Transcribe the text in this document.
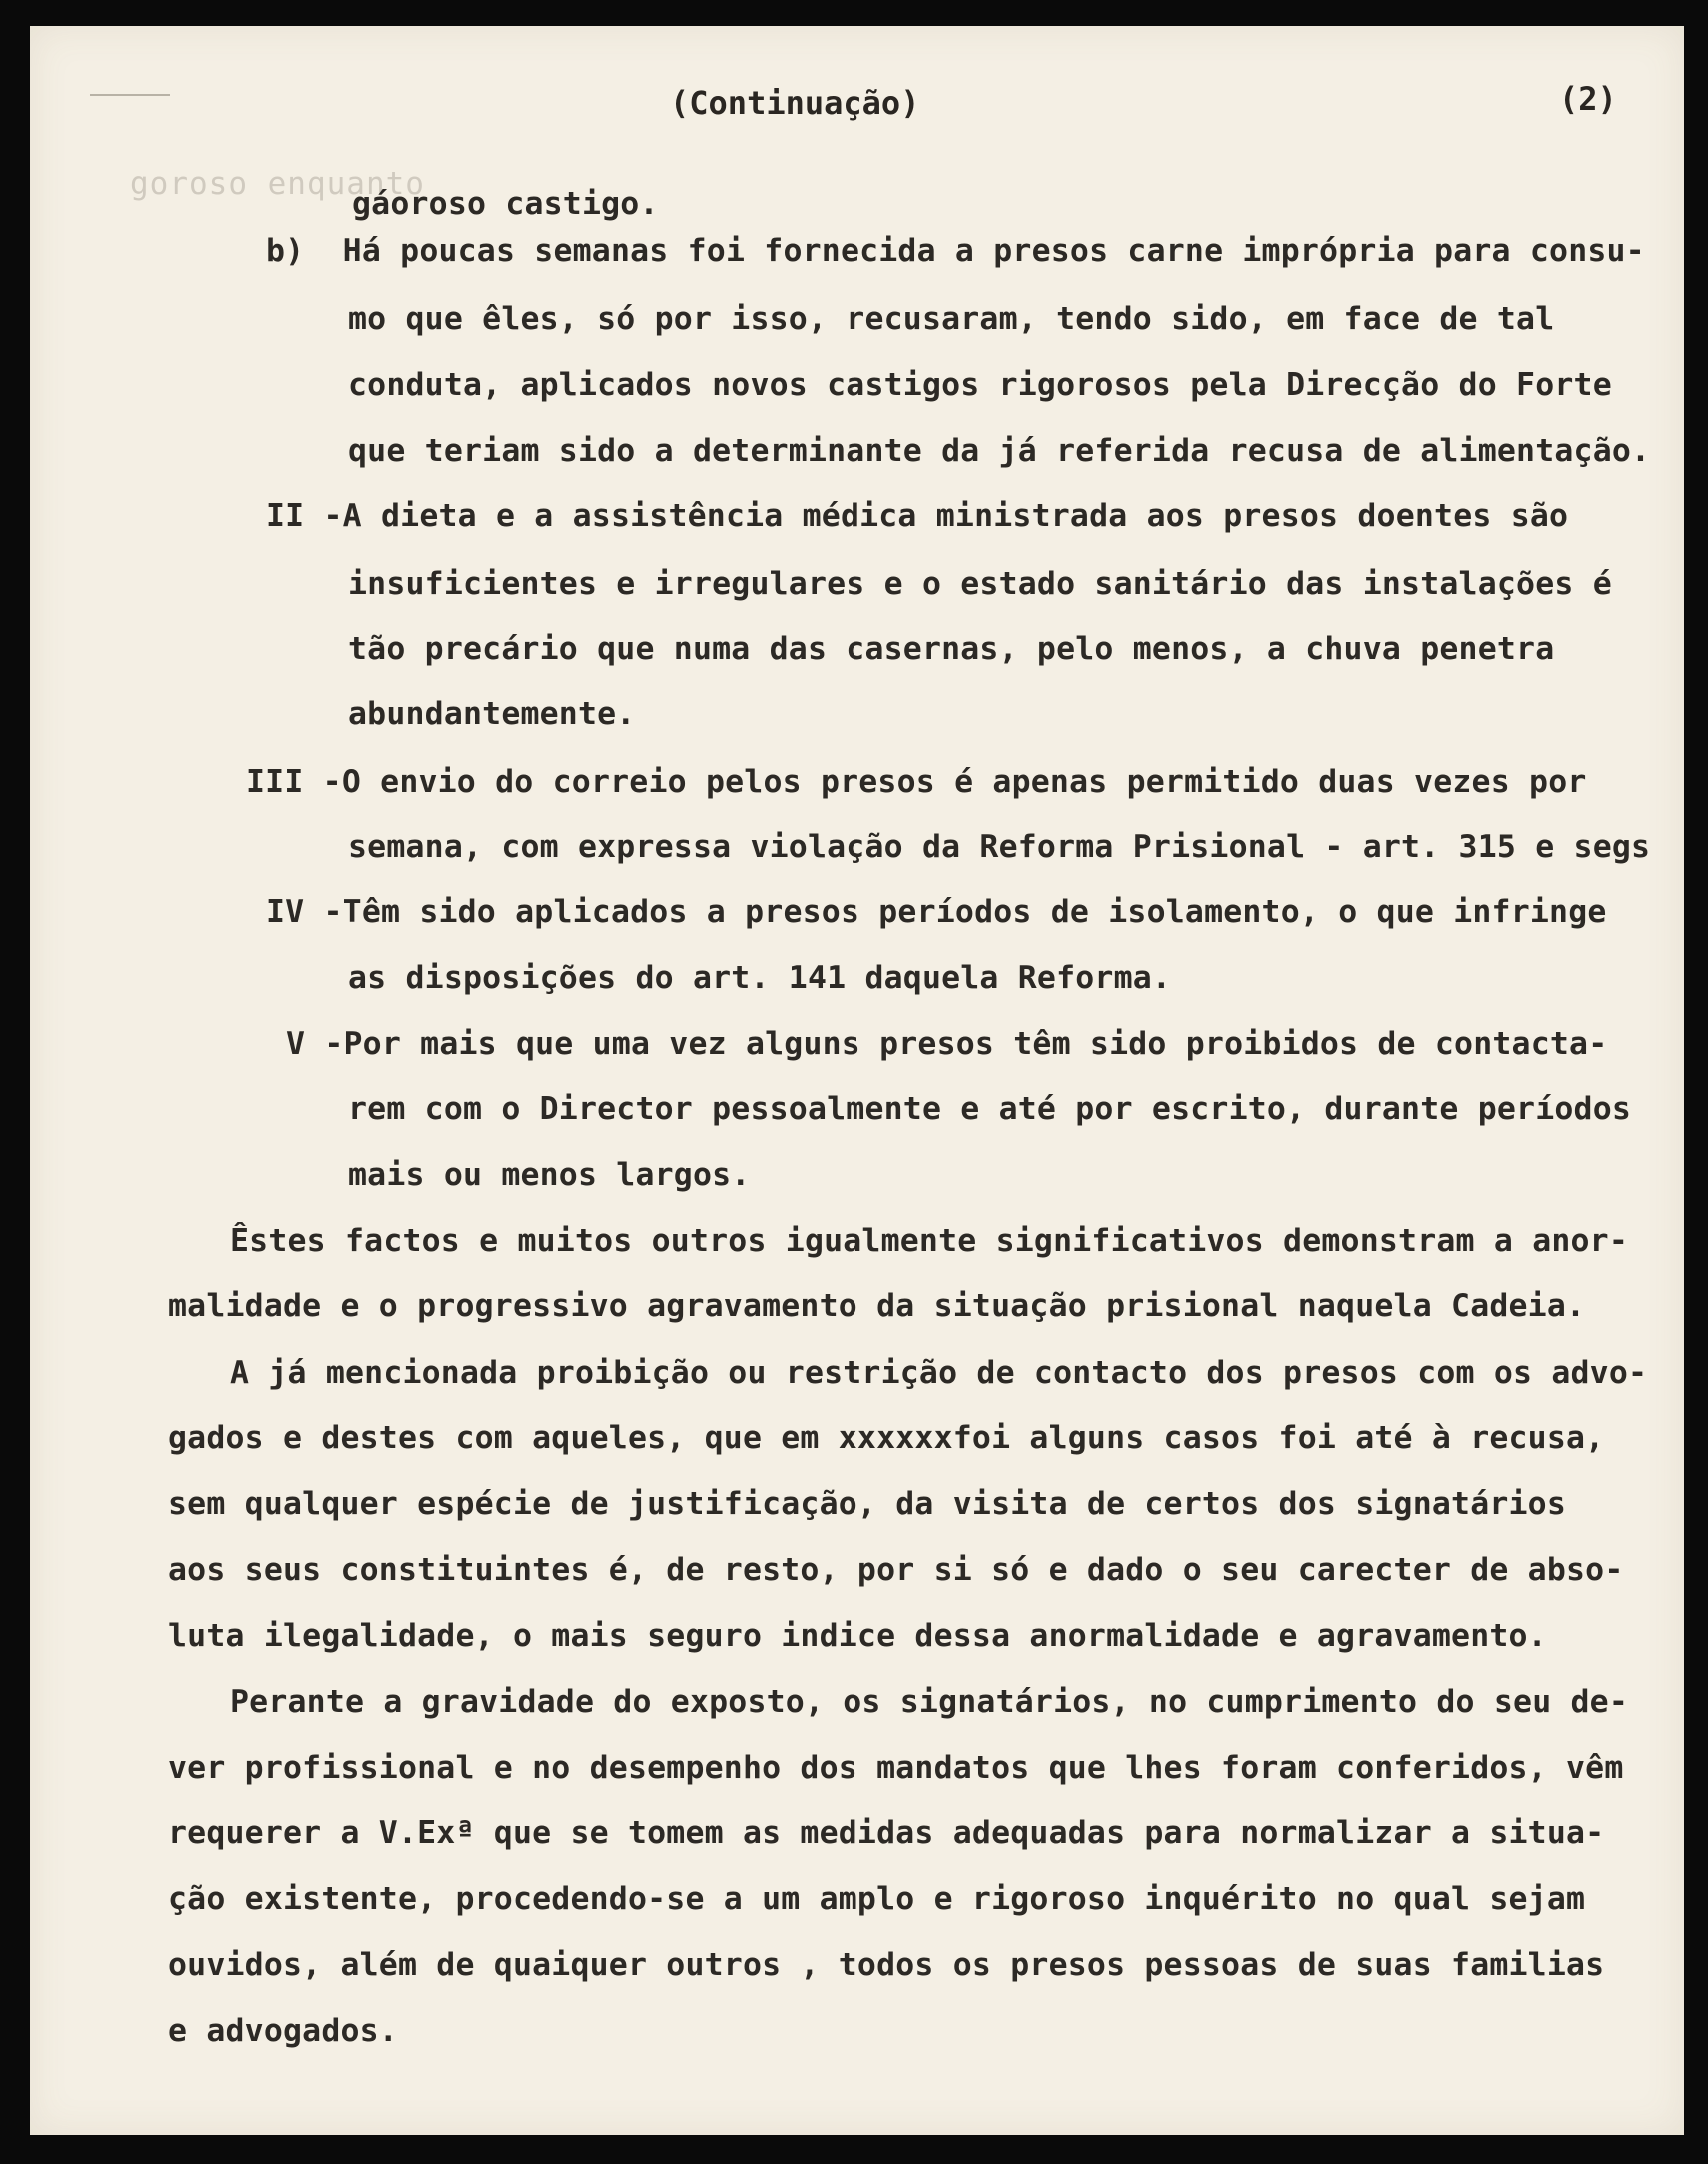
goroso enquanto
(Continuação)	(2)
gáoroso castigo.
b)  Há poucas semanas foi fornecida a presos carne imprópria para consu-
mo que êles, só por isso, recusaram, tendo sido, em face de tal
conduta, aplicados novos castigos rigorosos pela Direcção do Forte
que teriam sido a determinante da já referida recusa de alimentação.
II -A dieta e a assistência médica ministrada aos presos doentes são
insuficientes e irregulares e o estado sanitário das instalações é
tão precário que numa das casernas, pelo menos, a chuva penetra
abundantemente.
III -O envio do correio pelos presos é apenas permitido duas vezes por
semana, com expressa violação da Reforma Prisional - art. 315 e segs
IV -Têm sido aplicados a presos períodos de isolamento, o que infringe
as disposições do art. 141 daquela Reforma.
V -Por mais que uma vez alguns presos têm sido proibidos de contacta-
rem com o Director pessoalmente e até por escrito, durante períodos
mais ou menos largos.
Êstes factos e muitos outros igualmente significativos demonstram a anor-
malidade e o progressivo agravamento da situação prisional naquela Cadeia.
A já mencionada proibição ou restrição de contacto dos presos com os advo-
gados e destes com aqueles, que em xxxxxxfoi alguns casos foi até à recusa,
sem qualquer espécie de justificação, da visita de certos dos signatários
aos seus constituintes é, de resto, por si só e dado o seu carecter de abso-
luta ilegalidade, o mais seguro indice dessa anormalidade e agravamento.
Perante a gravidade do exposto, os signatários, no cumprimento do seu de-
ver profissional e no desempenho dos mandatos que lhes foram conferidos, vêm
requerer a V.Exª que se tomem as medidas adequadas para normalizar a situa-
ção existente, procedendo-se a um amplo e rigoroso inquérito no qual sejam
ouvidos, além de quaiquer outros , todos os presos pessoas de suas familias
e advogados.
